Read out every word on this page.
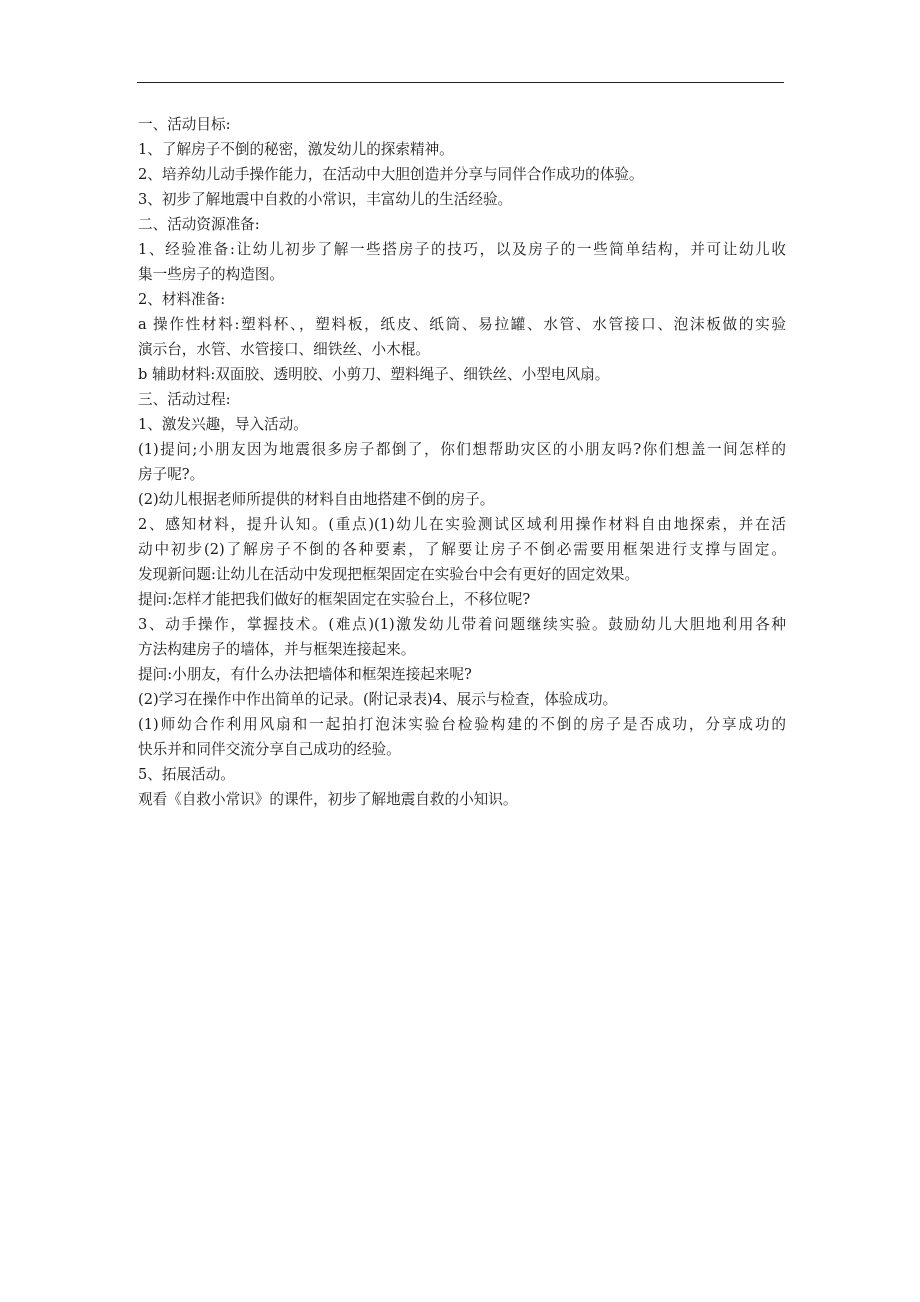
一、活动目标:
1、了解房子不倒的秘密，激发幼儿的探索精神。
2、培养幼儿动手操作能力，在活动中大胆创造并分享与同伴合作成功的体验。
3、初步了解地震中自救的小常识，丰富幼儿的生活经验。
二、活动资源准备:
1、经验准备:让幼儿初步了解一些搭房子的技巧，以及房子的一些简单结构，并可让幼儿收
集一些房子的构造图。
2、材料准备:
a 操作性材料:塑料杯、，塑料板，纸皮、纸筒、易拉罐、水管、水管接口、泡沫板做的实验
演示台，水管、水管接口、细铁丝、小木棍。
b 辅助材料:双面胶、透明胶、小剪刀、塑料绳子、细铁丝、小型电风扇。
三、活动过程:
1、激发兴趣，导入活动。
(1)提问;小朋友因为地震很多房子都倒了，你们想帮助灾区的小朋友吗?你们想盖一间怎样的
房子呢?。
(2)幼儿根据老师所提供的材料自由地搭建不倒的房子。
2、感知材料，提升认知。(重点)(1)幼儿在实验测试区域利用操作材料自由地探索，并在活
动中初步(2)了解房子不倒的各种要素，了解要让房子不倒必需要用框架进行支撑与固定。
发现新问题:让幼儿在活动中发现把框架固定在实验台中会有更好的固定效果。
提问:怎样才能把我们做好的框架固定在实验台上，不移位呢?
3、动手操作，掌握技术。(难点)(1)激发幼儿带着问题继续实验。鼓励幼儿大胆地利用各种
方法构建房子的墙体，并与框架连接起来。
提问:小朋友，有什么办法把墙体和框架连接起来呢?
(2)学习在操作中作出简单的记录。(附记录表)4、展示与检查，体验成功。
(1)师幼合作利用风扇和一起拍打泡沫实验台检验构建的不倒的房子是否成功，分享成功的
快乐并和同伴交流分享自己成功的经验。
5、拓展活动。
观看《自救小常识》的课件，初步了解地震自救的小知识。
